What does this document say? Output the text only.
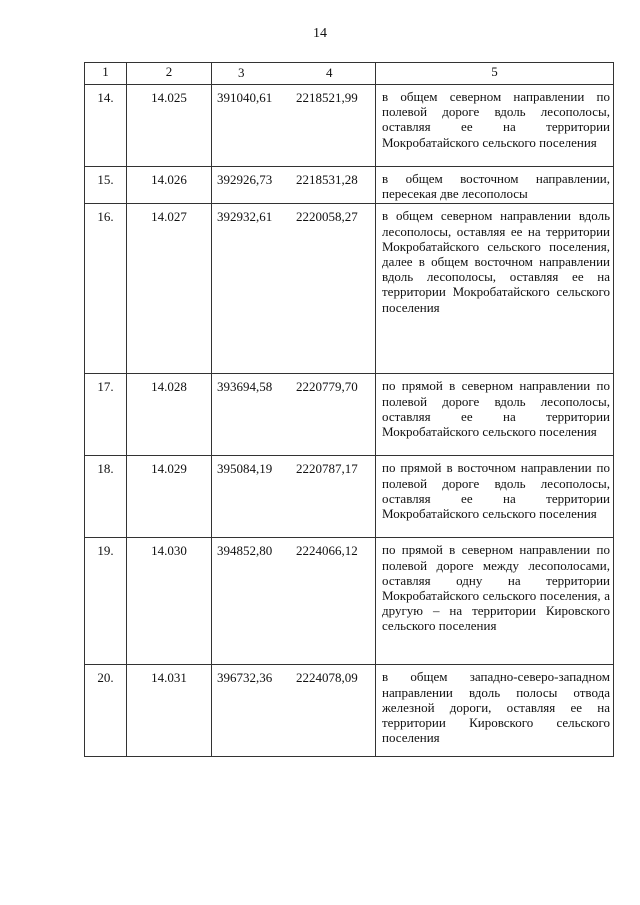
14
1	2	3 4	5
14.	14.025	391040,61 2218521,99	в общем северном направлении по полевой дороге вдоль лесополосы, оставляя ее на территории Мокробатайского сельского поселения
15.	14.026	392926,73 2218531,28	в общем восточном направлении, пересекая две лесополосы
16.	14.027	392932,61 2220058,27	в общем северном направлении вдоль лесополосы, оставляя ее на территории Мокробатайского сельского поселения, далее в общем восточном направлении вдоль лесополосы, оставляя ее на территории Мокробатайского сельского поселения
17.	14.028	393694,58 2220779,70	по прямой в северном направлении по полевой дороге вдоль лесополосы, оставляя ее на территории Мокробатайского сельского поселения
18.	14.029	395084,19 2220787,17	по прямой в восточном направлении по полевой дороге вдоль лесополосы, оставляя ее на территории Мокробатайского сельского поселения
19.	14.030	394852,80 2224066,12	по прямой в северном направлении по полевой дороге между лесополосами, оставляя одну на территории Мокробатайского сельского поселения, а другую – на территории Кировского сельского поселения
20.	14.031	396732,36 2224078,09	в общем западно-северо-западном направлении вдоль полосы отвода железной дороги, оставляя ее на территории Кировского сельского поселения
